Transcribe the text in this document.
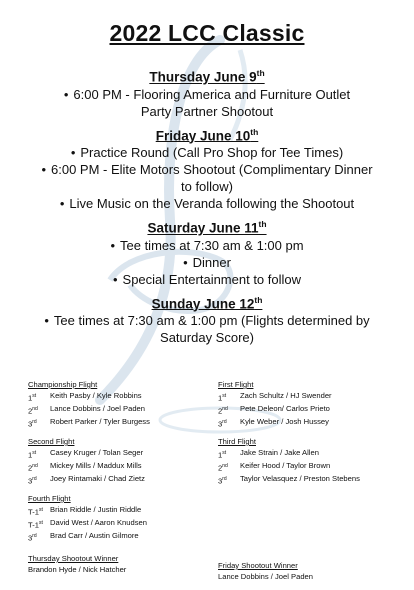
2022 LCC Classic
Thursday June 9th
• 6:00 PM - Flooring America and Furniture Outlet
Party Partner Shootout
Friday June 10th
• Practice Round (Call Pro Shop for Tee Times)
• 6:00 PM - Elite Motors Shootout (Complimentary Dinner
to follow)
• Live Music on the Veranda following the Shootout
Saturday June 11th
• Tee times at 7:30 am & 1:00 pm
• Dinner
• Special Entertainment to follow
Sunday June 12th
• Tee times at 7:30 am & 1:00 pm (Flights determined by
Saturday Score)
Championship Flight
1st	Keith Pasby / Kyle Robbins
2nd	Lance Dobbins / Joel Paden
3rd	Robert Parker / Tyler Burgess
Second Flight
1st	Casey Kruger / Tolan Seger
2nd	Mickey Mills / Maddux Mills
3rd	Joey Rintamaki / Chad Zietz
Fourth Flight
T-1st Brian Riddle / Justin Riddle
T-1st David West / Aaron Knudsen
3rd	Brad Carr / Austin Gilmore
Thursday Shootout Winner
Brandon Hyde / Nick Hatcher
First Flight
1st	Zach Schultz / HJ Swender
2nd	Pete Deleon/ Carlos Prieto
3rd	Kyle Weber / Josh Hussey
Third Flight
1st	Jake Strain / Jake Allen
2nd	Keifer Hood / Taylor Brown
3rd	Taylor Velasquez / Preston Stebens
Friday Shootout Winner
Lance Dobbins / Joel Paden
